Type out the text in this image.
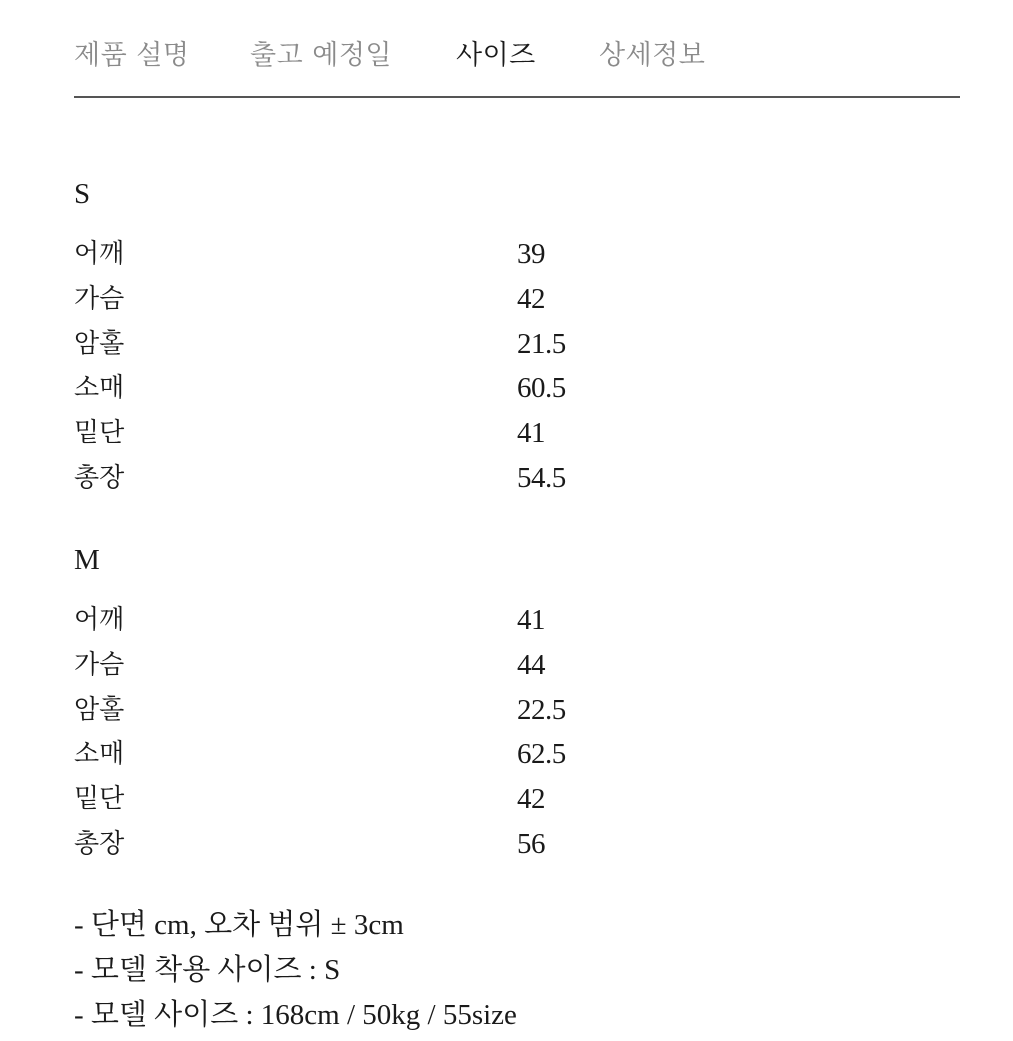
제품 설명 출고 예정일 사이즈 상세정보
S
어깨	39
가슴	42
암홀	21.5
소매	60.5
밑단	41
총장	54.5
M
어깨	41
가슴	44
암홀	22.5
소매	62.5
밑단	42
총장	56
- 단면 cm, 오차 범위 ± 3cm
- 모델 착용 사이즈 : S
- 모델 사이즈 : 168cm / 50kg / 55size
